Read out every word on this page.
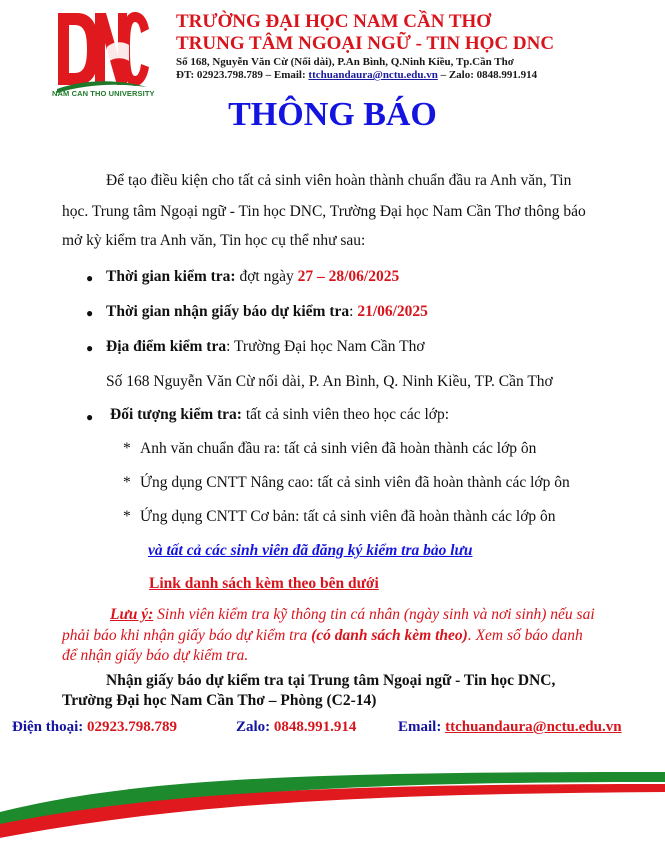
NAM CAN THO UNIVERSITY
TRƯỜNG ĐẠI HỌC NAM CẦN THƠ
TRUNG TÂM NGOẠI NGỮ - TIN HỌC DNC
Số 168, Nguyễn Văn Cừ (Nối dài), P.An Bình, Q.Ninh Kiều, Tp.Cần Thơ
ĐT: 02923.798.789 – Email: ttchuandaura@nctu.edu.vn – Zalo: 0848.991.914
THÔNG BÁO
Để tạo điều kiện cho tất cả sinh viên hoàn thành chuẩn đầu ra Anh văn, Tin
học. Trung tâm Ngoại ngữ - Tin học DNC, Trường Đại học Nam Cần Thơ thông báo
mở kỳ kiểm tra Anh văn, Tin học cụ thể như sau:
● Thời gian kiểm tra: đợt ngày 27 – 28/06/2025
● Thời gian nhận giấy báo dự kiểm tra: 21/06/2025
● Địa điểm kiểm tra: Trường Đại học Nam Cần Thơ
Số 168 Nguyễn Văn Cừ nối dài, P. An Bình, Q. Ninh Kiều, TP. Cần Thơ
● Đối tượng kiểm tra: tất cả sinh viên theo học các lớp:
* Anh văn chuẩn đầu ra: tất cả sinh viên đã hoàn thành các lớp ôn
* Ứng dụng CNTT Nâng cao: tất cả sinh viên đã hoàn thành các lớp ôn
* Ứng dụng CNTT Cơ bản: tất cả sinh viên đã hoàn thành các lớp ôn
và tất cả các sinh viên đã đăng ký kiểm tra bảo lưu
Link danh sách kèm theo bên dưới
Lưu ý: Sinh viên kiểm tra kỹ thông tin cá nhân (ngày sinh và nơi sinh) nếu sai
phải báo khi nhận giấy báo dự kiểm tra (có danh sách kèm theo). Xem số báo danh
để nhận giấy báo dự kiểm tra.
Nhận giấy báo dự kiểm tra tại Trung tâm Ngoại ngữ - Tin học DNC,
Trường Đại học Nam Cần Thơ – Phòng (C2-14)
Điện thoại: 02923.798.789	Zalo: 0848.991.914	Email: ttchuandaura@nctu.edu.vn
